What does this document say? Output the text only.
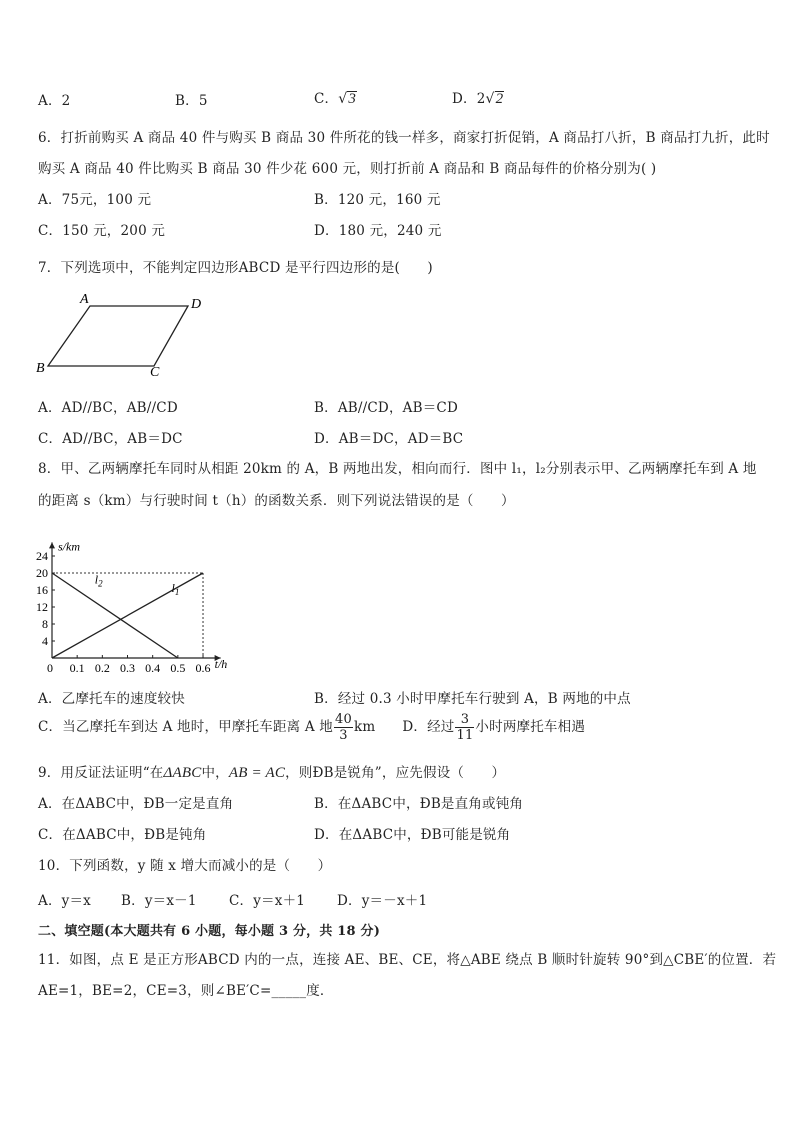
A．2	B．5	C．√3	D．2√2
6．打折前购买 A 商品 40 件与购买 B 商品 30 件所花的钱一样多，商家打折促销，A 商品打八折，B 商品打九折，此时
购买 A 商品 40 件比购买 B 商品 30 件少花 600 元，则打折前 A 商品和 B 商品每件的价格分别为( )
A．75元，100 元	B．120 元，160 元
C．150 元，200 元	D．180 元，240 元
7．下列选项中，不能判定四边形ABCD 是平行四边形的是(　　)
A	D
B	C
A．AD//BC，AB//CD	B．AB//CD，AB＝CD
C．AD//BC，AB＝DC	D．AB＝DC，AD＝BC
8．甲、乙两辆摩托车同时从相距 20km 的 A，B 两地出发，相向而行．图中 l₁，l₂分别表示甲、乙两辆摩托车到 A 地
的距离 s（km）与行驶时间 t（h）的函数关系．则下列说法错误的是（　　）
$l_1$
$l_2$
0 0.1 0.2 0.3 0.4 0.5 0.6
4
8
12
16
20
24
s/km
t/h
A．乙摩托车的速度较快	B．经过 0.3 小时甲摩托车行驶到 A，B 两地的中点
C．当乙摩托车到达 A 地时，甲摩托车距离 A 地 $\frac{40}{3}$ km D．经过 $\frac{3}{11}$ 小时两摩托车相遇
9．用反证法证明“在ΔABC中，AB = AC，则ÐB是锐角”，应先假设（　　）
A．在ΔABC中，ÐB一定是直角	B．在ΔABC中，ÐB是直角或钝角
C．在ΔABC中，ÐB是钝角	D．在ΔABC中，ÐB可能是锐角
10．下列函数，y 随 x 增大而减小的是（　　）
A．y＝x B．y＝x－1 C．y＝x＋1 D．y＝－x＋1
二、填空题(本大题共有 6 小题，每小题 3 分，共 18 分)
11．如图，点 E 是正方形ABCD 内的一点，连接 AE、BE、CE，将△ABE 绕点 B 顺时针旋转 90°到△CBE′的位置．若
AE=1，BE=2，CE=3，则∠BE′C=_____度．
